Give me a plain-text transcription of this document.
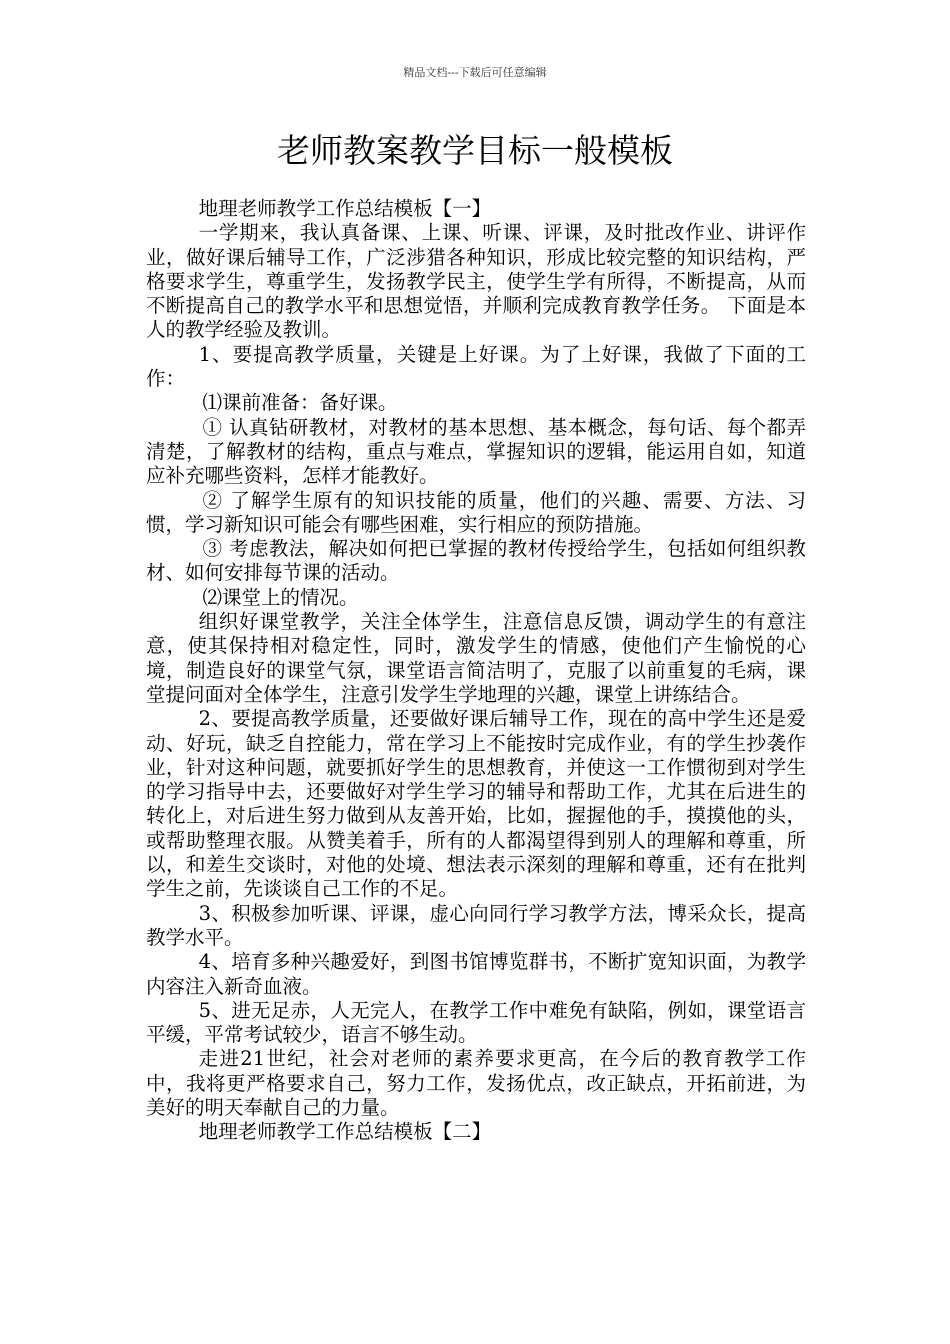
精品文档---下载后可任意编辑
老师教案教学目标一般模板

地理老师教学工作总结模板【一】

一学期来，我认真备课、上课、听课、评课，及时批改作业、讲评作业，做好课后辅导工作，广泛涉猎各种知识，形成比较完整的知识结构，严格要求学生，尊重学生，发扬教学民主，使学生学有所得，不断提高，从而不断提高自己的教学水平和思想觉悟，并顺利完成教育教学任务。 下面是本人的教学经验及教训。

1、要提高教学质量，关键是上好课。为了上好课，我做了下面的工作：

⑴课前准备：备好课。

① 认真钻研教材，对教材的基本思想、基本概念，每句话、每个都弄清楚，了解教材的结构，重点与难点，掌握知识的逻辑，能运用自如，知道应补充哪些资料，怎样才能教好。

② 了解学生原有的知识技能的质量，他们的兴趣、需要、方法、习惯，学习新知识可能会有哪些困难，实行相应的预防措施。

③ 考虑教法，解决如何把已掌握的教材传授给学生，包括如何组织教材、如何安排每节课的活动。

⑵课堂上的情况。

组织好课堂教学，关注全体学生，注意信息反馈，调动学生的有意注意，使其保持相对稳定性，同时，激发学生的情感，使他们产生愉悦的心境，制造良好的课堂气氛，课堂语言简洁明了，克服了以前重复的毛病，课堂提问面对全体学生，注意引发学生学地理的兴趣，课堂上讲练结合。

2、要提高教学质量，还要做好课后辅导工作，现在的高中学生还是爱动、好玩，缺乏自控能力，常在学习上不能按时完成作业，有的学生抄袭作业，针对这种问题，就要抓好学生的思想教育，并使这一工作惯彻到对学生的学习指导中去，还要做好对学生学习的辅导和帮助工作，尤其在后进生的转化上，对后进生努力做到从友善开始，比如，握握他的手，摸摸他的头，或帮助整理衣服。从赞美着手，所有的人都渴望得到别人的理解和尊重，所以，和差生交谈时，对他的处境、想法表示深刻的理解和尊重，还有在批判学生之前，先谈谈自己工作的不足。

3、积极参加听课、评课，虚心向同行学习教学方法，博采众长，提高教学水平。

4、培育多种兴趣爱好，到图书馆博览群书，不断扩宽知识面，为教学内容注入新奇血液。

5、进无足赤，人无完人，在教学工作中难免有缺陷，例如，课堂语言平缓，平常考试较少，语言不够生动。

走进21世纪，社会对老师的素养要求更高，在今后的教育教学工作中，我将更严格要求自己，努力工作，发扬优点，改正缺点，开拓前进，为美好的明天奉献自己的力量。

地理老师教学工作总结模板【二】
